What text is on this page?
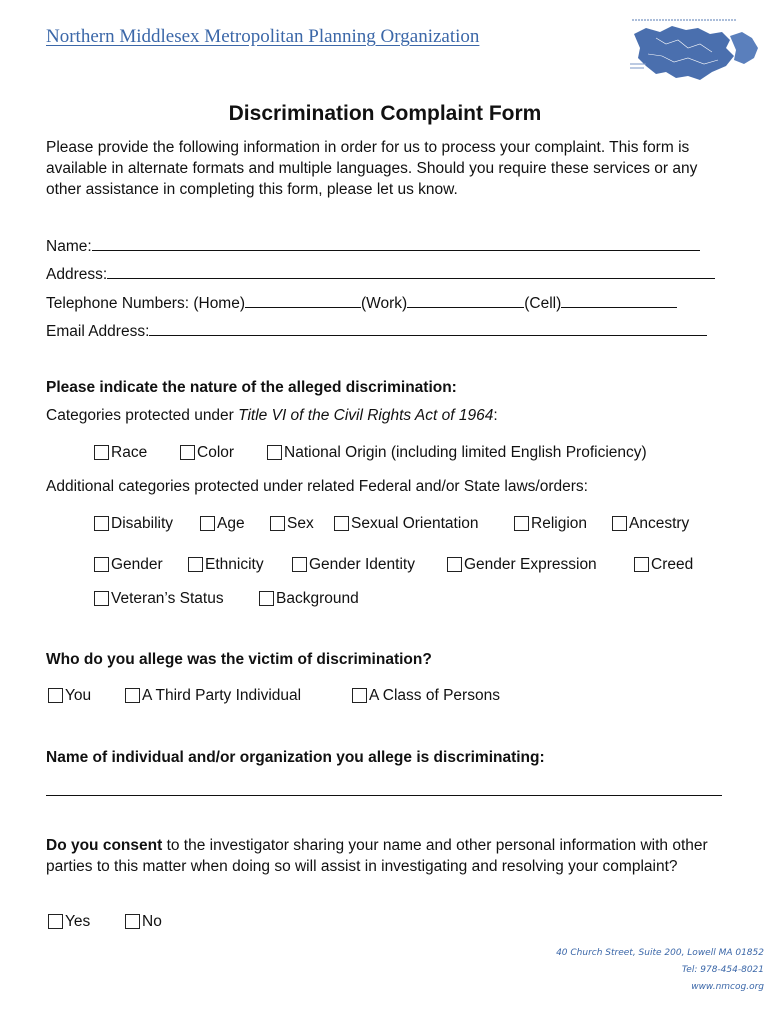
Northern Middlesex Metropolitan Planning Organization
Discrimination Complaint Form
Please provide the following information in order for us to process your complaint. This form is available in alternate formats and multiple languages. Should you require these services or any other assistance in completing this form, please let us know.
Name:
Address:
Telephone Numbers: (Home)	(Work)	(Cell)
Email Address:
Please indicate the nature of the alleged discrimination:
Categories protected under Title VI of the Civil Rights Act of 1964:
Race	Color	National Origin (including limited English Proficiency)
Additional categories protected under related Federal and/or State laws/orders:
Disability	Age	Sex Sexual Orientation	Religion	Ancestry
Gender	Ethnicity	Gender Identity	Gender Expression	Creed
Veteran’s Status	Background
Who do you allege was the victim of discrimination?
You	A Third Party Individual	A Class of Persons
Name of individual and/or organization you allege is discriminating:
Do you consent to the investigator sharing your name and other personal information with other parties to this matter when doing so will assist in investigating and resolving your complaint?
Yes	No
40 Church Street, Suite 200, Lowell MA 01852
Tel: 978-454-8021
www.nmcog.org
